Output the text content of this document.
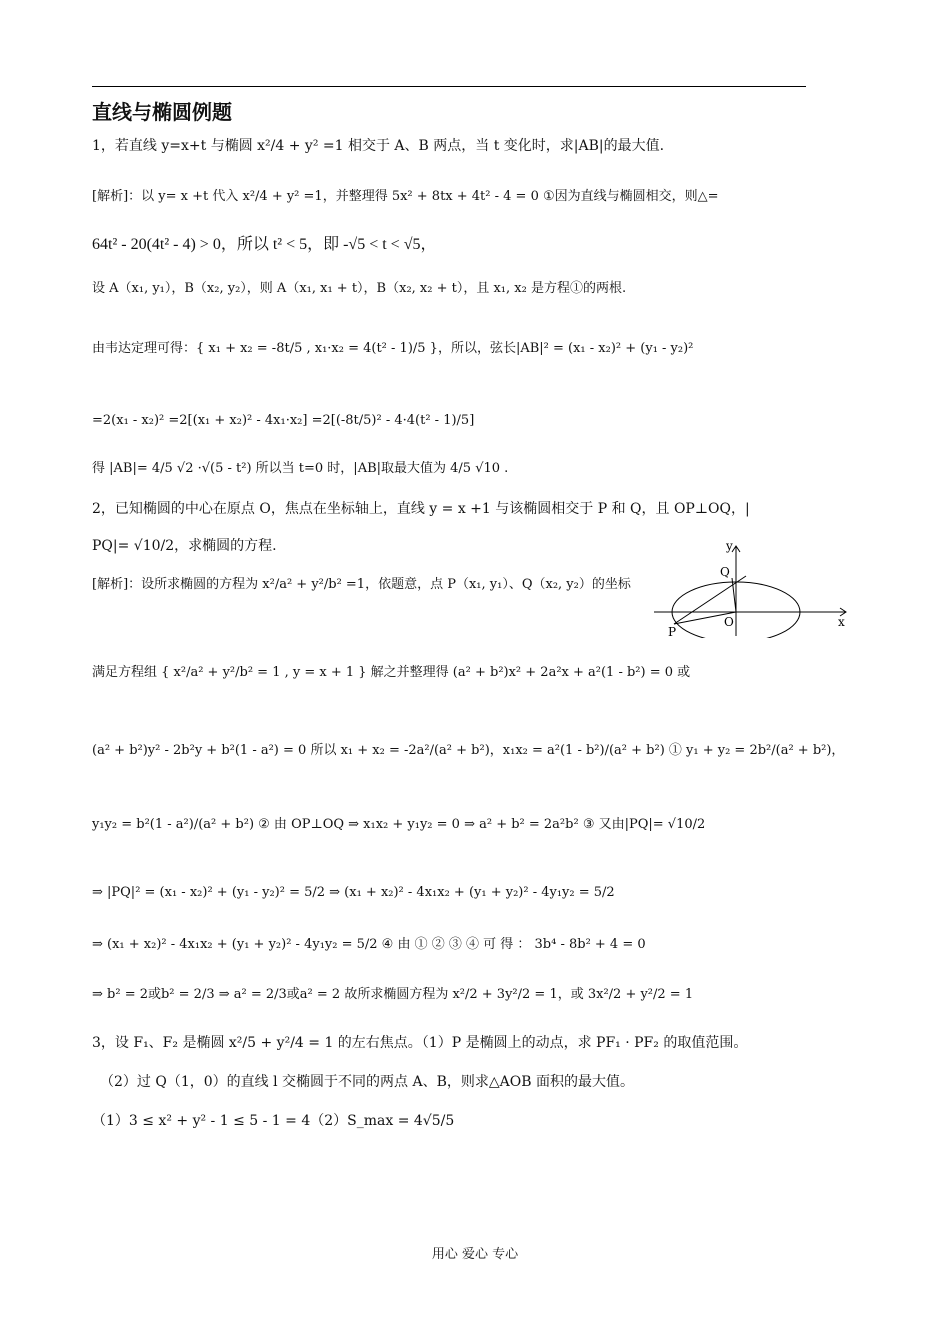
直线与椭圆例题
1，若直线 y=x+t 与椭圆 x²/4 + y² =1 相交于 A、B 两点，当 t 变化时，求|AB|的最大值.
[解析]：以 y= x +t 代入 x²/4 + y² =1，并整理得 5x² + 8tx + 4t² - 4 = 0 ①因为直线与椭圆相交，则△=
64t² - 20(4t² - 4) > 0，所以 t² < 5，即 -√5 < t < √5，
设 A（x₁, y₁），B（x₂, y₂），则 A（x₁, x₁ + t），B（x₂, x₂ + t），且 x₁, x₂ 是方程①的两根.
由韦达定理可得：{ x₁ + x₂ = -8t/5 , x₁·x₂ = 4(t² - 1)/5 }，所以，弦长|AB|² = (x₁ - x₂)² + (y₁ - y₂)²
=2(x₁ - x₂)² =2[(x₁ + x₂)² - 4x₁·x₂] =2[(-8t/5)² - 4·4(t² - 1)/5]
得 |AB|= 4/5 √2 ·√(5 - t²) 所以当 t=0 时，|AB|取最大值为 4/5 √10 .
2，已知椭圆的中心在原点 O，焦点在坐标轴上，直线 y = x +1 与该椭圆相交于 P 和 Q，且 OP⊥OQ，|
PQ|= √10/2，求椭圆的方程.
[解析]：设所求椭圆的方程为 x²/a² + y²/b² =1，依题意，点 P（x₁, y₁）、Q（x₂, y₂）的坐标
满足方程组 { x²/a² + y²/b² = 1 , y = x + 1 } 解之并整理得 (a² + b²)x² + 2a²x + a²(1 - b²) = 0 或
(a² + b²)y² - 2b²y + b²(1 - a²) = 0 所以 x₁ + x₂ = -2a²/(a² + b²)，x₁x₂ = a²(1 - b²)/(a² + b²) ① y₁ + y₂ = 2b²/(a² + b²)，
y₁y₂ = b²(1 - a²)/(a² + b²) ② 由 OP⊥OQ ⇒ x₁x₂ + y₁y₂ = 0 ⇒ a² + b² = 2a²b² ③ 又由|PQ|= √10/2
⇒ |PQ|² = (x₁ - x₂)² + (y₁ - y₂)² = 5/2 ⇒ (x₁ + x₂)² - 4x₁x₂ + (y₁ + y₂)² - 4y₁y₂ = 5/2
⇒ (x₁ + x₂)² - 4x₁x₂ + (y₁ + y₂)² - 4y₁y₂ = 5/2 ④ 由 ① ② ③ ④ 可 得 ： 3b⁴ - 8b² + 4 = 0
⇒ b² = 2或b² = 2/3 ⇒ a² = 2/3或a² = 2 故所求椭圆方程为 x²/2 + 3y²/2 = 1，或 3x²/2 + y²/2 = 1
3，设 F₁、F₂ 是椭圆 x²/5 + y²/4 = 1 的左右焦点。（1）P 是椭圆上的动点，求 PF₁ · PF₂ 的取值范围。
（2）过 Q（1，0）的直线 l 交椭圆于不同的两点 A、B，则求△AOB 面积的最大值。
（1）3 ≤ x² + y² - 1 ≤ 5 - 1 = 4（2）S_max = 4√5/5
y
x
Q
O
P
用心 爱心 专心
